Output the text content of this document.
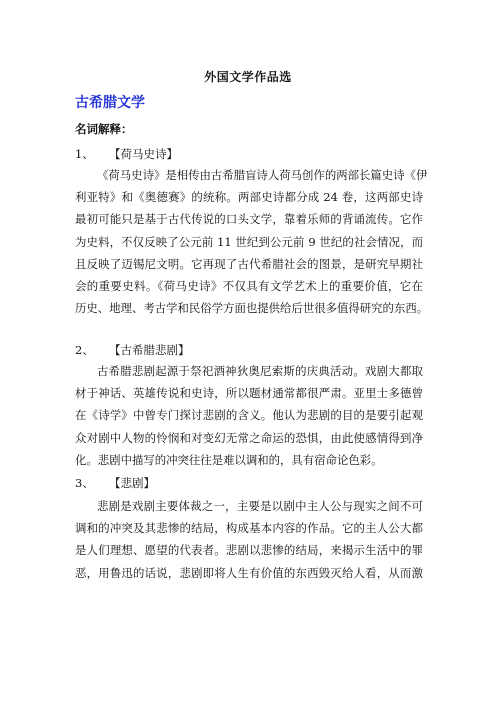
外国文学作品选
古希腊文学
名词解释：
1、 【荷马史诗】
《荷马史诗》是相传由古希腊盲诗人荷马创作的两部长篇史诗《伊
利亚特》和《奥德赛》的统称。两部史诗都分成 24 卷，这两部史诗
最初可能只是基于古代传说的口头文学，靠着乐师的背诵流传。它作
为史料，不仅反映了公元前 11 世纪到公元前 9 世纪的社会情况，而
且反映了迈锡尼文明。它再现了古代希腊社会的图景，是研究早期社
会的重要史料。《荷马史诗》不仅具有文学艺术上的重要价值，它在
历史、地理、考古学和民俗学方面也提供给后世很多值得研究的东西。
2、 【古希腊悲剧】
古希腊悲剧起源于祭祀酒神狄奥尼索斯的庆典活动。戏剧大都取
材于神话、英雄传说和史诗，所以题材通常都很严肃。亚里士多德曾
在《诗学》中曾专门探讨悲剧的含义。他认为悲剧的目的是要引起观
众对剧中人物的怜悯和对变幻无常之命运的恐惧，由此使感情得到净
化。悲剧中描写的冲突往往是难以调和的，具有宿命论色彩。
3、 【悲剧】
悲剧是戏剧主要体裁之一，主要是以剧中主人公与现实之间不可
调和的冲突及其悲惨的结局，构成基本内容的作品。它的主人公大都
是人们理想、愿望的代表者。悲剧以悲惨的结局，来揭示生活中的罪
恶，用鲁迅的话说，悲剧即将人生有价值的东西毁灭给人看，从而激
